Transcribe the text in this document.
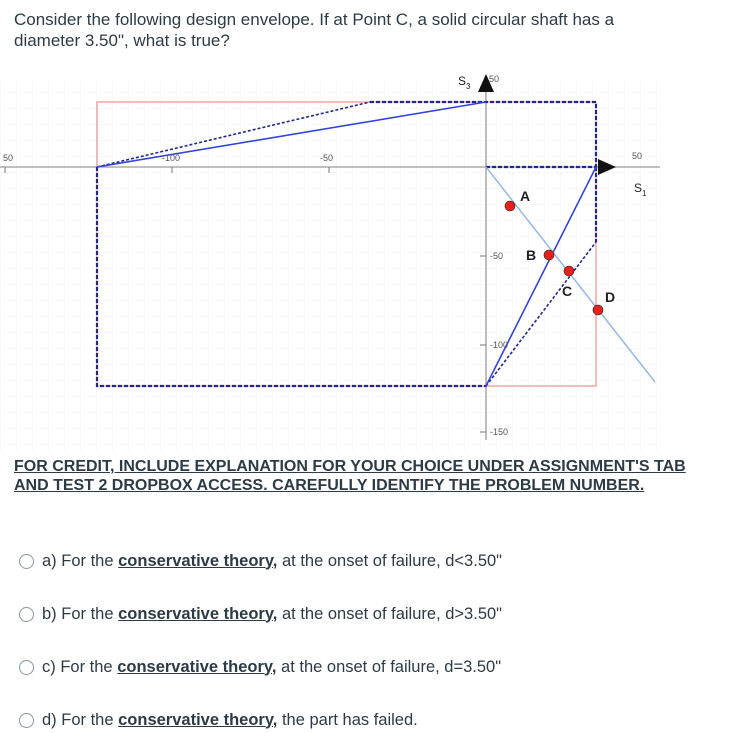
Consider the following design envelope. If at Point C, a solid circular shaft has a diameter 3.50", what is true?

50	-100	-50	50
50
-50
-100
-150
$S_3$
$S_1$
A
B
C D

FOR CREDIT, INCLUDE EXPLANATION FOR YOUR CHOICE UNDER ASSIGNMENT'S TAB AND TEST 2 DROPBOX ACCESS. CAREFULLY IDENTIFY THE PROBLEM NUMBER.

a) For the conservative theory, at the onset of failure, d<3.50"
b) For the conservative theory, at the onset of failure, d>3.50"
c) For the conservative theory, at the onset of failure, d=3.50"
d) For the conservative theory, the part has failed.
